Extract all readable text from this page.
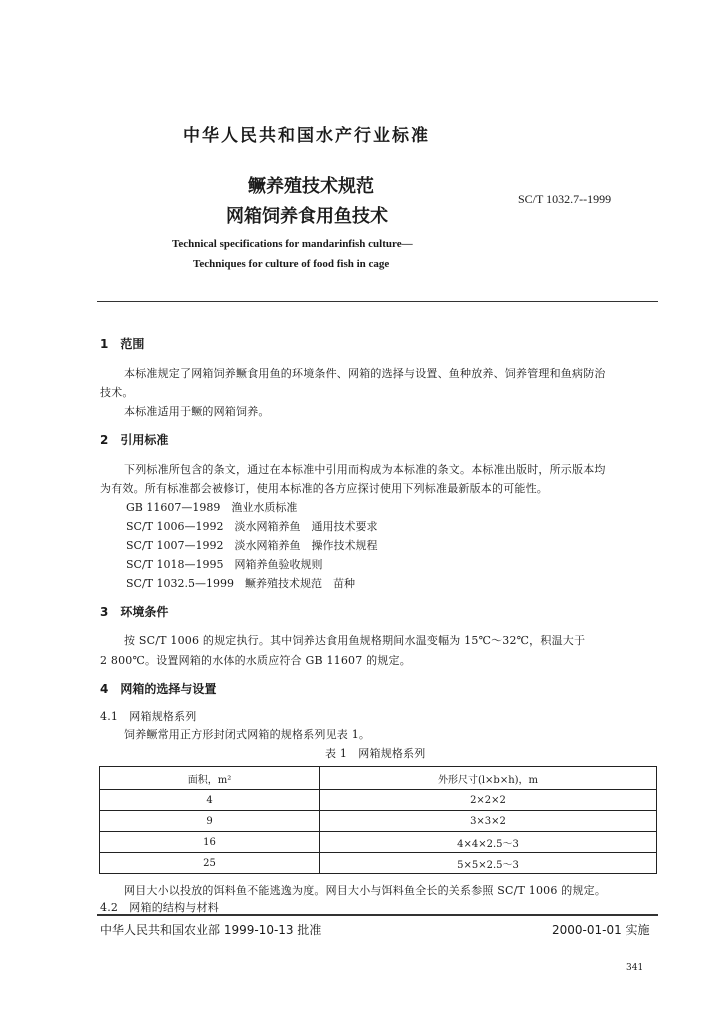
中华人民共和国水产行业标准
鳜养殖技术规范
网箱饲养食用鱼技术
SC/T 1032.7--1999
Technical specifications for mandarinfish culture—
Techniques for culture of food fish in cage
1　范围
本标准规定了网箱饲养鳜食用鱼的环境条件、网箱的选择与设置、鱼种放养、饲养管理和鱼病防治
技术。
本标准适用于鳜的网箱饲养。
2　引用标准
下列标准所包含的条文，通过在本标准中引用而构成为本标准的条文。本标准出版时，所示版本均
为有效。所有标准都会被修订，使用本标准的各方应探讨使用下列标准最新版本的可能性。
GB 11607—1989　渔业水质标准
SC/T 1006—1992　淡水网箱养鱼　通用技术要求
SC/T 1007—1992　淡水网箱养鱼　操作技术规程
SC/T 1018—1995　网箱养鱼验收规则
SC/T 1032.5—1999　鳜养殖技术规范　苗种
3　环境条件
按 SC/T 1006 的规定执行。其中饲养达食用鱼规格期间水温变幅为 15℃～32℃，积温大于
2 800℃。设置网箱的水体的水质应符合 GB 11607 的规定。
4　网箱的选择与设置
4.1　网箱规格系列
饲养鳜常用正方形封闭式网箱的规格系列见表 1。
表 1　网箱规格系列
面积，m²	外形尺寸(l×b×h)，m
4	2×2×2
9	3×3×2
16	4×4×2.5～3
25	5×5×2.5～3
网目大小以投放的饵料鱼不能逃逸为度。网目大小与饵料鱼全长的关系参照 SC/T 1006 的规定。
4.2　网箱的结构与材料
中华人民共和国农业部 1999-10-13 批准	2000-01-01 实施
341
